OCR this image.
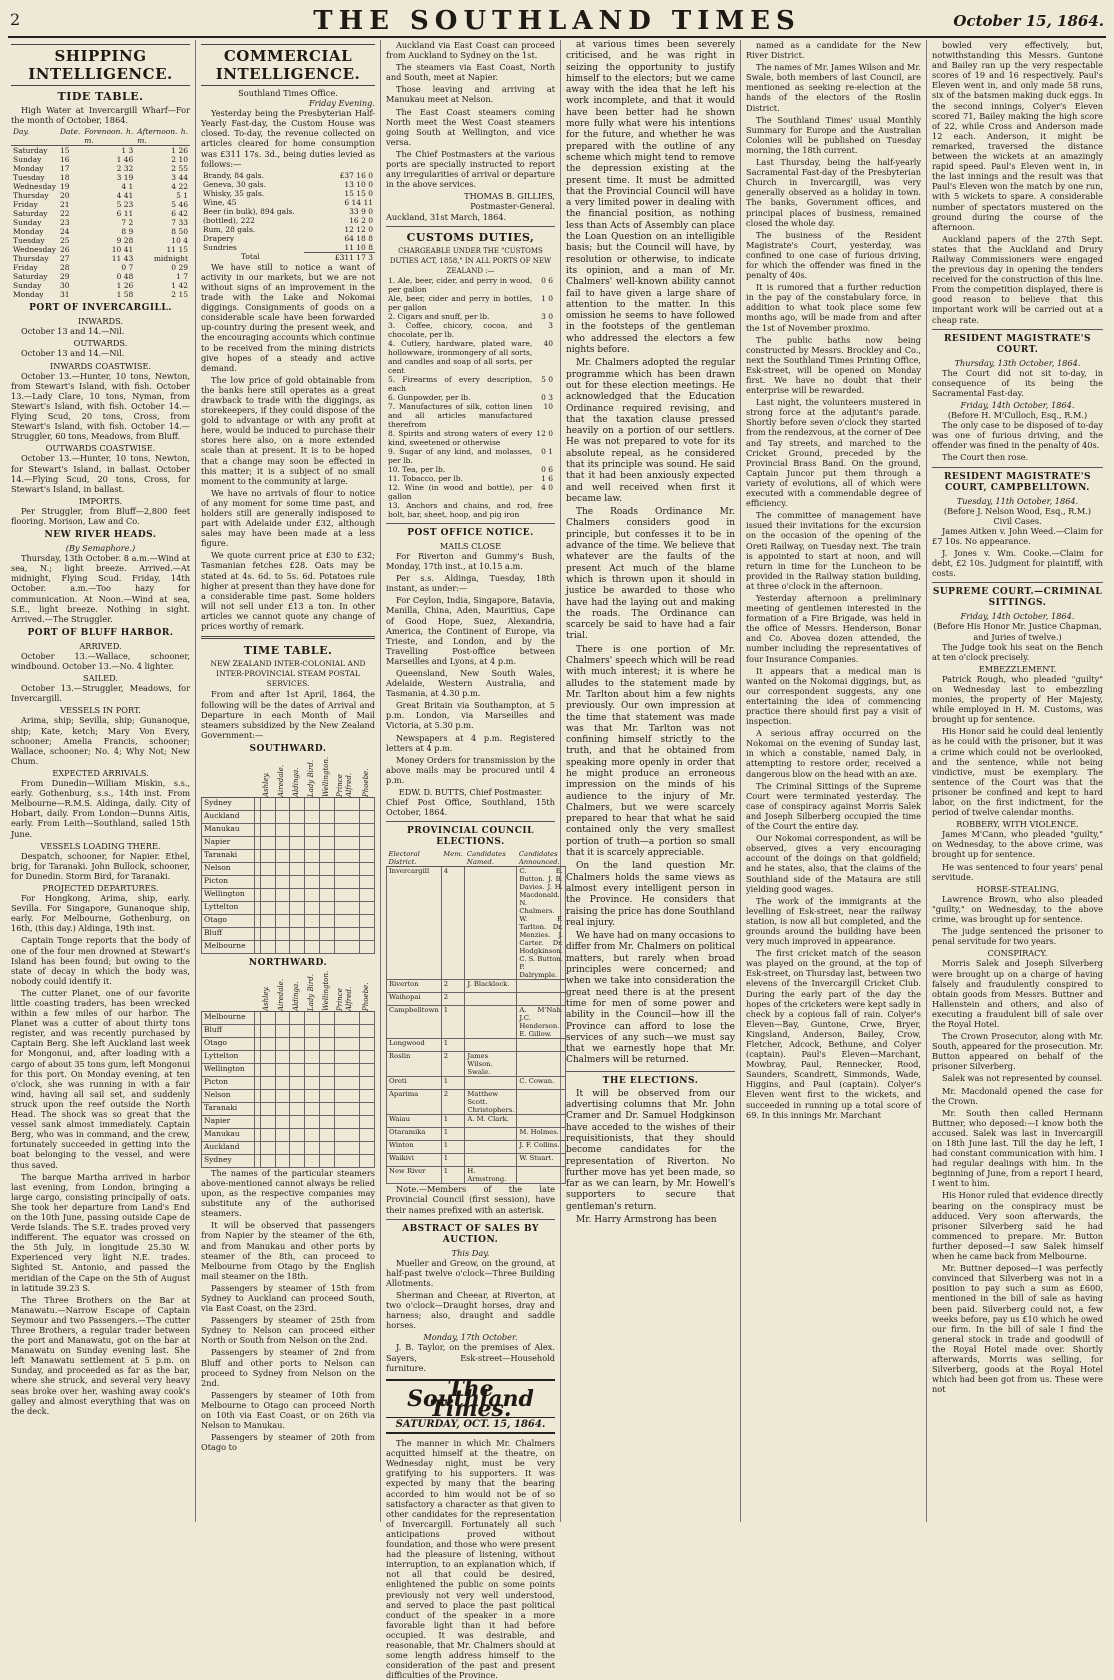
2	THE SOUTHLAND TIMES	October 15, 1864.
SHIPPING INTELLIGENCE.
TIDE TABLE.

High Water at Invercargill Wharf—For the month of October, 1864.

Day.	Date.	Forenoon. h. m.	Afternoon. h. m.
Saturday	15	1 3	1 26
Sunday	16	1 46	2 10
Monday	17	2 32	2 55
Tuesday	18	3 19	3 44
Wednesday	19	4 1	4 22
Thursday	20	4 41	5 1
Friday	21	5 23	5 46
Saturday	22	6 11	6 42
Sunday	23	7 2	7 33
Monday	24	8 9	8 50
Tuesday	25	9 28	10 4
Wednesday	26	10 41	11 15
Thursday	27	11 43	midnight
Friday	28	0 7	0 29
Saturday	29	0 48	1 7
Sunday	30	1 26	1 42
Monday	31	1 58	2 15
PORT OF INVERCARGILL.
INWARDS.

October 13 and 14.—Nil.

OUTWARDS.

October 13 and 14.—Nil.

INWARDS COASTWISE.

October 13.—Hunter, 10 tons, Newton, from Stewart's Island, with fish. October 13.—Lady Clare, 10 tons, Nyman, from Stewart's Island, with fish. October 14.—Flying Scud, 20 tons, Cross, from Stewart's Island, with fish. October 14.—Struggler, 60 tons, Meadows, from Bluff.

OUTWARDS COASTWISE.

October 13.—Hunter, 10 tons, Newton, for Stewart's Island, in ballast. October 14.—Flying Scud, 20 tons, Cross, for Stewart's Island, in ballast.

IMPORTS.

Per Struggler, from Bluff—2,800 feet flooring. Morison, Law and Co.

NEW RIVER HEADS.
(By Semaphore.)

Thursday, 13th October. 8 a.m.—Wind at sea, N.; light breeze. Arrived.—At midnight, Flying Scud. Friday, 14th October. a.m.—Too hazy for communication. At Noon.—Wind at sea, S.E., light breeze. Nothing in sight. Arrived.—The Struggler.

PORT OF BLUFF HARBOR.
ARRIVED.

October 13.—Wallace, schooner, windbound. October 13.—No. 4 lighter.

SAILED.

October 13.—Struggler, Meadows, for Invercargill.

VESSELS IN PORT.

Arima, ship; Sevilla, ship; Gunanoque, ship; Kate, ketch; Mary Von Every, schooner; Amelia Francis, schooner; Wallace, schooner; No. 4; Why Not; New Chum.

EXPECTED ARRIVALS.

From Dunedin—William Miskin, s.s., early. Gothenburg, s.s., 14th inst. From Melbourne—R.M.S. Aldinga, daily. City of Hobart, daily. From London—Dunns Aitis, early. From Leith—Southland, sailed 15th June.

VESSELS LOADING THERE.

Despatch, schooner, for Napier. Ethel, brig, for Taranaki. John Bullock, schooner, for Dunedin. Storm Bird, for Taranaki.

PROJECTED DEPARTURES.

For Hongkong, Arima, ship, early. Sevilla. For Singapore, Gunanoque ship, early. For Melbourne, Gothenburg, on 16th, (this day.) Aldinga, 19th inst.

Captain Tonge reports that the body of one of the four men drowned at Stewart's Island has been found; but owing to the state of decay in which the body was, nobody could identify it.

The cutter Planet, one of our favorite little coasting traders, has been wrecked within a few miles of our harbor. The Planet was a cutter of about thirty tons register, and was recently purchased by Captain Berg. She left Auckland last week for Mongonui, and, after loading with a cargo of about 35 tons gum, left Mongonui for this port. On Monday evening, at ten o'clock, she was running in with a fair wind, having all sail set, and suddenly struck upon the reef outside the North Head. The shock was so great that the vessel sank almost immediately. Captain Berg, who was in command, and the crew, fortunately succeeded in getting into the boat belonging to the vessel, and were thus saved.

The barque Martha arrived in harbor last evening, from London, bringing a large cargo, consisting principally of oats. She took her departure from Land's End on the 10th June, passing outside Cape de Verde Islands. The S.E. trades proved very indifferent. The equator was crossed on the 5th July, in longitude 25.30 W. Experienced very light N.E. trades. Sighted St. Antonio, and passed the meridian of the Cape on the 5th of August in latitude 39.23 S.

The Three Brothers on the Bar at Manawatu.—Narrow Escape of Captain Seymour and two Passengers.—The cutter Three Brothers, a regular trader between the port and Manawatu, got on the bar at Manawatu on Sunday evening last. She left Manawatu settlement at 5 p.m. on Sunday, and proceeded as far as the bar, where she struck, and several very heavy seas broke over her, washing away cook's galley and almost everything that was on the deck.

COMMERCIAL INTELLIGENCE.
Southland Times Office.
Friday Evening.

Yesterday being the Presbyterian Half-Yearly Fast-day, the Custom House was closed. To-day, the revenue collected on articles cleared for home consumption was £311 17s. 3d., being duties levied as follows:—

Brandy, 84 gals.	£37 16 0
Geneva, 30 gals.	13 10 0
Whisky, 35 gals.	15 15 0
Wine, 45	6 14 11
Beer (in bulk), 894 gals.	33 9 0
(bottled), 222	16 2 0
Rum, 28 gals.	12 12 0
Drapery	64 18 8
Sundries	11 10 8
Total	£311 17 3

We have still to notice a want of activity in our markets, but we are not without signs of an improvement in the trade with the Lake and Nokomai diggings. Consignments of goods on a considerable scale have been forwarded up-country during the present week, and the encouraging accounts which continue to be received from the mining districts give hopes of a steady and active demand.

The low price of gold obtainable from the banks here still operates as a great drawback to trade with the diggings, as storekeepers, if they could dispose of the gold to advantage or with any profit at here, would be induced to purchase their stores here also, on a more extended scale than at present. It is to be hoped that a change may soon be effected in this matter; it is a subject of no small moment to the community at large.

We have no arrivals of flour to notice of any moment for some time past, and holders still are generally indisposed to part with Adelaide under £32, although sales may have been made at a less figure.

We quote current price at £30 to £32; Tasmanian fetches £28. Oats may be stated at 4s. 6d. to 5s. 6d. Potatoes rule higher at present than they have done for a considerable time past. Some holders will not sell under £13 a ton. In other articles we cannot quote any change of prices worthy of remark.

TIME TABLE.
NEW ZEALAND INTER-COLONIAL AND INTER-PROVINCIAL STEAM POSTAL SERVICES.

From and after 1st April, 1864, the following will be the dates of Arrival and Departure in each Month of Mail steamers subsidized by the New Zealand Government:—

SOUTHWARD.

		Ashley.	Airedale.	Aldinga.	Lady Bird.	Wellington.	Prince Alfred.	Phoebe.

Sydney								
Auckland								
Manukau								
Napier								
Taranaki								
Nelson								
Picton								
Wellington								
Lyttelton								
Otago								
Bluff								
Melbourne								
NORTHWARD.

		Ashley.	Airedale.	Aldinga.	Lady Bird.	Wellington.	Prince Alfred.	Phoebe.

Melbourne								
Bluff								
Otago								
Lyttelton								
Wellington								
Picton								
Nelson								
Taranaki								
Napier								
Manukau								
Auckland								
Sydney								

The names of the particular steamers above-mentioned cannot always be relied upon, as the respective companies may substitute any of the authorised steamers.

It will be observed that passengers from Napier by the steamer of the 6th, and from Manukau and other ports by steamer of the 8th, can proceed to Melbourne from Otago by the English mail steamer on the 18th.

Passengers by steamer of 15th from Sydney to Auckland can proceed South, via East Coast, on the 23rd.

Passengers by steamer of 25th from Sydney to Nelson can proceed either North or South from Nelson on the 2nd.

Passengers by steamer of 2nd from Bluff and other ports to Nelson can proceed to Sydney from Nelson on the 2nd.

Passengers by steamer of 10th from Melbourne to Otago can proceed North on 10th via East Coast, or on 26th via Nelson to Manukau.

Passengers by steamer of 20th from Otago to

Auckland via East Coast can proceed from Auckland to Sydney on the 1st.

The steamers via East Coast, North and South, meet at Napier.

Those leaving and arriving at Manukau meet at Nelson.

The East Coast steamers coming North meet the West Coast steamers going South at Wellington, and vice versa.

The Chief Postmasters at the various ports are specially instructed to report any irregularities of arrival or departure in the above services.

THOMAS B. GILLIES,
Postmaster-General.
Auckland, 31st March, 1864.
CUSTOMS DUTIES,
CHARGEABLE UNDER THE "CUSTOMS DUTIES ACT, 1858," IN ALL PORTS OF NEW ZEALAND :—
1. Ale, beer, cider, and perry in wood, per gallon	0 6
Ale, beer, cider and perry in bottles, per gallon	1 0
2. Cigars and snuff, per lb.	3 0
3. Coffee, chicory, cocoa, and chocolate, per lb.	3
4. Cutlery, hardware, plated ware, hollowware, ironmongery of all sorts, and candles and soap of all sorts, per cent	40
5. Firearms of every description, each	5 0
6. Gunpowder, per lb.	0 3
7. Manufactures of silk, cotton linen and all articles manufactured therefrom	10
8. Spirits and strong waters of every kind, sweetened or otherwise	12 0
9. Sugar of any kind, and molasses, per lb.	0 1
10. Tea, per lb.	0 6
11. Tobacco, per lb.	1 6
12. Wine (in wood and bottle), per gallon	4 0
13. Anchors and chains, and rod, bolt, bar, sheet, hoop, and pig iron	free
POST OFFICE NOTICE.
MAILS CLOSE

For Riverton and Gummy's Bush, Monday, 17th inst., at 10.15 a.m.

Per s.s. Aldinga, Tuesday, 18th instant, as under:—

For Ceylon, India, Singapore, Batavia, Manilla, China, Aden, Mauritius, Cape of Good Hope, Suez, Alexandria, America, the Continent of Europe, via Trieste, and London, and by the Travelling Post-office between Marseilles and Lyons, at 4 p.m.

Queensland, New South Wales, Adelaide, Western Australia, and Tasmania, at 4.30 p.m.

Great Britain via Southampton, at 5 p.m. London, via Marseilles and Victoria, at 5.30 p.m.

Newspapers at 4 p.m. Registered letters at 4 p.m.

Money Orders for transmission by the above mails may be procured until 4 p.m.

EDW. D. BUTTS, Chief Postmaster.
Chief Post Office, Southland, 15th October, 1864.
PROVINCIAL COUNCIL ELECTIONS.
Electoral District.	Mem.	Candidates Named.	Candidates Announced.
Invercargill	4		C. E. Button. J. B. Davies. J. H. Macdonald. N. Chalmers. W. F. Tarlton. Dr. Menzies. J. Carter. Dr. Hodgkinson. C. S. Button. P. Dalrymple.
Riverton	2	J. Blacklock.	
Waihopai	2		
Campbelltown	1		A. M'Nab. J.C. Henderson. E. Gillow.
Longwood	1		
Roslin	2	James Wilson. Swale.	
Oreti	1		C. Cowan.
Aparima	2	Matthew Scott. Christophers.	
Waiau	1	A. M. Clark.	
Otaramika	1		M. Holmes.
Winton	1		J. F. Collins.
Waikivi	1		W. Stuart.
New River	1	H. Armstrong.	

Note.—Members of the late Provincial Council (first session), have their names prefixed with an asterisk.

ABSTRACT OF SALES BY AUCTION.
This Day.

Mueller and Greow, on the ground, at half-past twelve o'clock—Three Building Allotments.

Sherman and Cheear, at Riverton, at two o'clock—Draught horses, dray and harness; also, draught and saddle horses.

Monday, 17th October.

J. B. Taylor, on the premises of Alex. Sayers, Esk-street—Household furniture.

The Southland Times.
SATURDAY, OCT. 15, 1864.

The manner in which Mr. Chalmers acquitted himself at the theatre, on Wednesday night, must be very gratifying to his supporters. It was expected by many that the bearing accorded to him would not be of so satisfactory a character as that given to other candidates for the representation of Invercargill. Fortunately all such anticipations proved without foundation, and those who were present had the pleasure of listening, without interruption, to an explanation which, if not all that could be desired, enlightened the public on some points previously not very well understood, and served to place the past political conduct of the speaker in a more favorable light than it had before occupied. It was desirable, and reasonable, that Mr. Chalmers should at some length address himself to the consideration of the past and present difficulties of the Province.

at various times been severely criticised, and he was right in seizing the opportunity to justify himself to the electors; but we came away with the idea that he left his work incomplete, and that it would have been better had he shown more fully what were his intentions for the future, and whether he was prepared with the outline of any scheme which might tend to remove the depression existing at the present time. It must be admitted that the Provincial Council will have a very limited power in dealing with the financial position, as nothing less than Acts of Assembly can place the Loan Question on an intelligible basis; but the Council will have, by resolution or otherwise, to indicate its opinion, and a man of Mr. Chalmers' well-known ability cannot fail to have given a large share of attention to the matter. In this omission he seems to have followed in the footsteps of the gentleman who addressed the electors a few nights before.

Mr. Chalmers adopted the regular programme which has been drawn out for these election meetings. He acknowledged that the Education Ordinance required revising, and that the taxation clause pressed heavily on a portion of our settlers. He was not prepared to vote for its absolute repeal, as he considered that its principle was sound. He said that it had been anxiously expected and well received when first it became law.

The Roads Ordinance Mr. Chalmers considers good in principle, but confesses it to be in advance of the time. We believe that whatever are the faults of the present Act much of the blame which is thrown upon it should in justice be awarded to those who have had the laying out and making the roads. The Ordinance can scarcely be said to have had a fair trial.

There is one portion of Mr. Chalmers' speech which will be read with much interest; it is where he alludes to the statement made by Mr. Tarlton about him a few nights previously. Our own impression at the time that statement was made was that Mr. Tarlton was not confining himself strictly to the truth, and that he obtained from speaking more openly in order that he might produce an erroneous impression on the minds of his audience to the injury of Mr. Chalmers, but we were scarcely prepared to hear that what he said contained only the very smallest portion of truth—a portion so small that it is scarcely appreciable.

On the land question Mr. Chalmers holds the same views as almost every intelligent person in the Province. He considers that raising the price has done Southland real injury.

We have had on many occasions to differ from Mr. Chalmers on political matters, but rarely when broad principles were concerned; and when we take into consideration the great need there is at the present time for men of some power and ability in the Council—how ill the Province can afford to lose the services of any such—we must say that we earnestly hope that Mr. Chalmers will be returned.

THE ELECTIONS.

It will be observed from our advertising columns that Mr. John Cramer and Dr. Samuel Hodgkinson have acceded to the wishes of their requisitionists, that they should become candidates for the representation of Riverton. No further move has yet been made, so far as we can learn, by Mr. Howell's supporters to secure that gentleman's return.

Mr. Harry Armstrong has been

named as a candidate for the New River District.

The names of Mr. James Wilson and Mr. Swale, both members of last Council, are mentioned as seeking re-election at the hands of the electors of the Roslin District.

The Southland Times' usual Monthly Summary for Europe and the Australian Colonies will be published on Tuesday morning, the 18th current.

Last Thursday, being the half-yearly Sacramental Fast-day of the Presbyterian Church in Invercargill, was very generally observed as a holiday in town. The banks, Government offices, and principal places of business, remained closed the whole day.

The business of the Resident Magistrate's Court, yesterday, was confined to one case of furious driving, for which the offender was fined in the penalty of 40s.

It is rumored that a further reduction in the pay of the constabulary force, in addition to what took place some few months ago, will be made from and after the 1st of November proximo.

The public baths now being constructed by Messrs. Brockley and Co., next the Southland Times Printing Office, Esk-street, will be opened on Monday first. We have no doubt that their enterprise will be rewarded.

Last night, the volunteers mustered in strong force at the adjutant's parade. Shortly before seven o'clock they started from the rendezvous, at the corner of Dee and Tay streets, and marched to the Cricket Ground, preceded by the Provincial Brass Band. On the ground, Captain Juncor put them through a variety of evolutions, all of which were executed with a commendable degree of efficiency.

The committee of management have issued their invitations for the excursion on the occasion of the opening of the Oreti Railway, on Tuesday next. The train is appointed to start at noon, and will return in time for the Luncheon to be provided in the Railway station building, at three o'clock in the afternoon.

Yesterday afternoon a preliminary meeting of gentlemen interested in the formation of a Fire Brigade, was held in the office of Messrs. Henderson, Bonar and Co. Abovea dozen attended, the number including the representatives of four Insurance Companies.

It appears that a medical man is wanted on the Nokomai diggings, but, as our correspondent suggests, any one entertaining the idea of commencing practice there should first pay a visit of inspection.

A serious affray occurred on the Nokomai on the evening of Sunday last, in which a constable, named Daly, in attempting to restore order, received a dangerous blow on the head with an axe.

The Criminal Sittings of the Supreme Court were terminated yesterday. The case of conspiracy against Morris Salek and Joseph Silberberg occupied the time of the Court the entire day.

Our Nokomai correspondent, as will be observed, gives a very encouraging account of the doings on that goldfield; and he states, also, that the claims of the Southland side of the Mataura are still yielding good wages.

The work of the immigrants at the levelling of Esk-street, near the railway station, is now all but completed, and the grounds around the building have been very much improved in appearance.

The first cricket match of the season was played on the ground, at the top of Esk-street, on Thursday last, between two elevens of the Invercargill Cricket Club. During the early part of the day the hopes of the cricketers were kept sadly in check by a copious fall of rain. Colyer's Eleven—Bay, Guntone, Crwe, Bryer, Kingsland, Anderson, Bailey, Crow, Fletcher, Adcock, Bethune, and Colyer (captain). Paul's Eleven—Marchant, Mowbray, Paul, Rennecker, Rood, Saunders, Scandrett, Simmonds, Wade, Higgins, and Paul (captain). Colyer's Eleven went first to the wickets, and succeeded in running up a total score of 69. In this innings Mr. Marchant

bowled very effectively, but, notwithstanding this Messrs. Guntone and Bailey ran up the very respectable scores of 19 and 16 respectively. Paul's Eleven went in, and only made 58 runs, six of the batsmen making duck eggs. In the second innings, Colyer's Eleven scored 71, Bailey making the high score of 22, while Cross and Anderson made 12 each. Anderson, it might be remarked, traversed the distance between the wickets at an amazingly rapid speed. Paul's Eleven went in, in the last innings and the result was that Paul's Eleven won the match by one run, with 5 wickets to spare. A considerable number of spectators mustered on the ground during the course of the afternoon.

Auckland papers of the 27th Sept. states that the Auckland and Drury Railway Commissioners were engaged the previous day in opening the tenders received for the construction of this line. From the competition displayed, there is good reason to believe that this important work will be carried out at a cheap rate.

RESIDENT MAGISTRATE'S COURT.
Thursday, 13th October, 1864.

The Court did not sit to-day, in consequence of its being the Sacramental Fast-day.

Friday, 14th October, 1864.
(Before H. M'Culloch, Esq., R.M.)

The only case to be disposed of to-day was one of furious driving, and the offender was fined in the penalty of 40s.

The Court then rose.

RESIDENT MAGISTRATE'S COURT, CAMPBELLTOWN.
Tuesday, 11th October, 1864.
(Before J. Nelson Wood, Esq., R.M.)
Civil Cases.

James Aitken v. John Weed.—Claim for £7 10s. No appearance.

J. Jones v. Wm. Cooke.—Claim for debt, £2 10s. Judgment for plaintiff, with costs.

SUPREME COURT.—CRIMINAL SITTINGS.
Friday, 14th October, 1864.
(Before His Honor Mr. Justice Chapman, and Juries of twelve.)

The Judge took his seat on the Bench at ten o'clock precisely.

EMBEZZLEMENT.

Patrick Rough, who pleaded "guilty" on Wednesday last to embezzling monies, the property of Her Majesty, while employed in H. M. Customs, was brought up for sentence.

His Honor said he could deal leniently as he could with the prisoner, but it was a crime which could not be overlooked, and the sentence, while not being vindictive, must be exemplary. The sentence of the Court was that the prisoner be confined and kept to hard labor, on the first indictment, for the period of twelve calendar months.

ROBBERY, WITH VIOLENCE.

James M'Cann, who pleaded "guilty," on Wednesday, to the above crime, was brought up for sentence.

He was sentenced to four years' penal servitude.

HORSE-STEALING.

Lawrence Brown, who also pleaded "guilty," on Wednesday, to the above crime, was brought up for sentence.

The judge sentenced the prisoner to penal servitude for two years.

CONSPIRACY.

Morris Salek and Joseph Silverberg were brought up on a charge of having falsely and fraudulently conspired to obtain goods from Messrs. Buttner and Hallenstein and others, and also of executing a fraudulent bill of sale over the Royal Hotel.

The Crown Prosecutor, along with Mr. South, appeared for the prosecution. Mr. Button appeared on behalf of the prisoner Silverberg.

Salek was not represented by counsel.

Mr. Macdonald opened the case for the Crown.

Mr. South then called Hermann Buttner, who deposed:—I know both the accused. Salek was last in Invercargill on 18th June last. Till the day he left, I had constant communication with him. I had regular dealings with him. In the beginning of June, from a report I heard, I went to him.

His Honor ruled that evidence directly bearing on the conspiracy must be adduced. Very soon afterwards, the prisoner Silverberg said he had commenced to prepare. Mr. Button further deposed—I saw Salek himself when he came back from Melbourne.

Mr. Buttner deposed—I was perfectly convinced that Silverberg was not in a position to pay such a sum as £600, mentioned in the bill of sale as having been paid. Silverberg could not, a few weeks before, pay us £10 which he owed our firm. In the bill of sale I find the general stock in trade and goodwill of the Royal Hotel made over. Shortly afterwards, Morris was selling, for Silverberg, goods at the Royal Hotel which had been got from us. These were not
